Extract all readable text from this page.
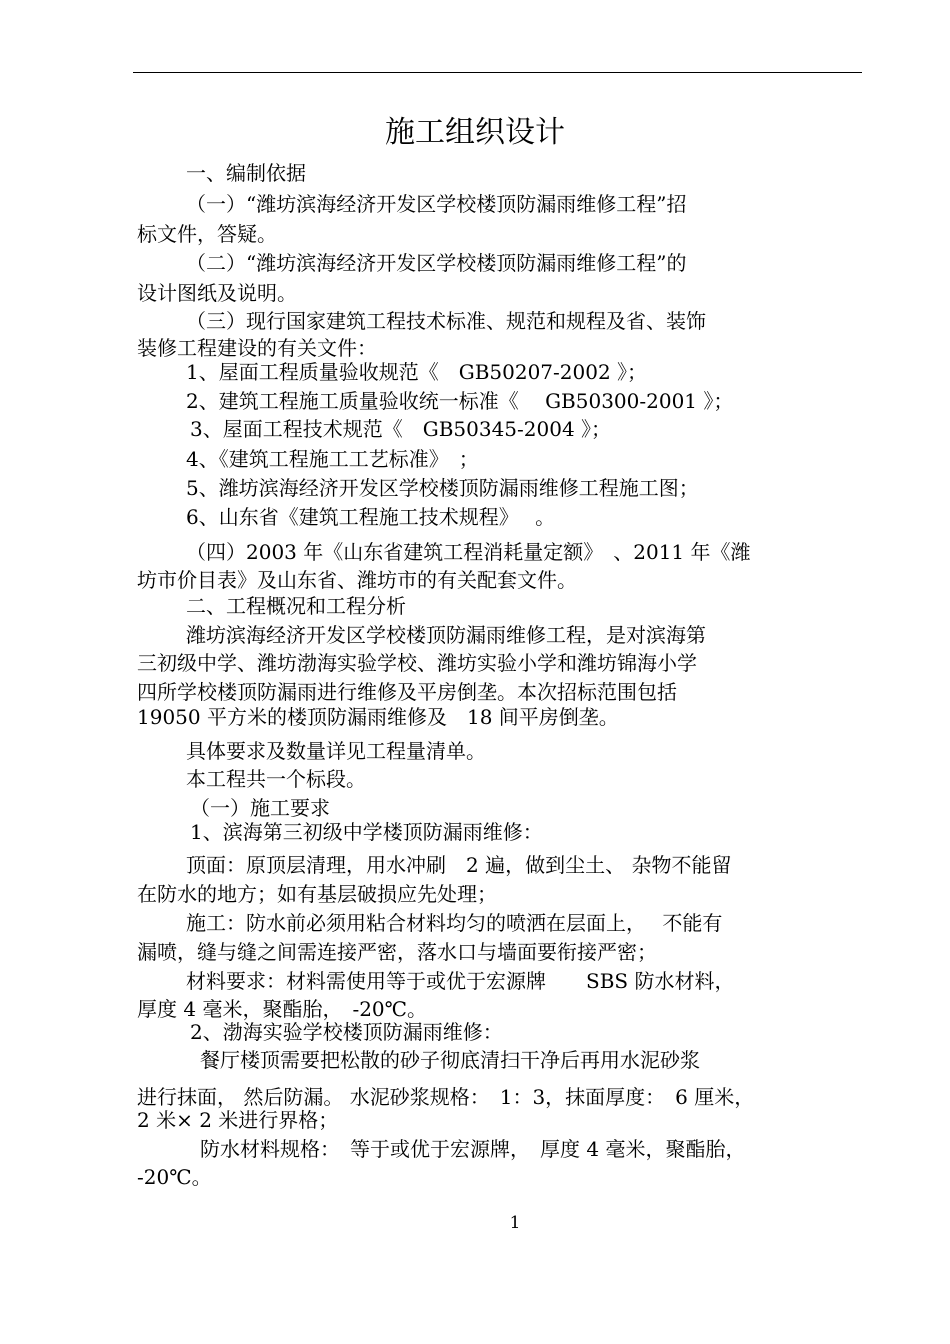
施工组织设计
一、编制依据
（一）“潍坊滨海经济开发区学校楼顶防漏雨维修工程”招
标文件，答疑。
（二）“潍坊滨海经济开发区学校楼顶防漏雨维修工程”的
设计图纸及说明。
（三）现行国家建筑工程技术标准、规范和规程及省、装饰
装修工程建设的有关文件：
1、屋面工程质量验收规范《　GB50207-2002 》；
2、建筑工程施工质量验收统一标准《　 GB50300-2001 》；
3、屋面工程技术规范《　GB50345-2004 》；
4、《建筑工程施工工艺标准》　；
5、潍坊滨海经济开发区学校楼顶防漏雨维修工程施工图；
6、山东省《建筑工程施工技术规程》　 。
（四）2003 年《山东省建筑工程消耗量定额》　、2011 年《潍
坊市价目表》及山东省、潍坊市的有关配套文件。
二、工程概况和工程分析
潍坊滨海经济开发区学校楼顶防漏雨维修工程，是对滨海第
三初级中学、潍坊渤海实验学校、潍坊实验小学和潍坊锦海小学
四所学校楼顶防漏雨进行维修及平房倒垄。本次招标范围包括
19050 平方米的楼顶防漏雨维修及　18 间平房倒垄。
具体要求及数量详见工程量清单。
本工程共一个标段。
（一）施工要求
1、滨海第三初级中学楼顶防漏雨维修：
顶面：原顶层清理，用水冲刷　2 遍，做到尘土、 杂物不能留
在防水的地方；如有基层破损应先处理；
施工：防水前必须用粘合材料均匀的喷洒在层面上，　 不能有
漏喷，缝与缝之间需连接严密，落水口与墙面要衔接严密；
材料要求：材料需使用等于或优于宏源牌　　SBS 防水材料，
厚度 4 毫米，聚酯胎，　-20℃。
2、渤海实验学校楼顶防漏雨维修：
餐厅楼顶需要把松散的砂子彻底清扫干净后再用水泥砂浆
进行抹面， 然后防漏。 水泥砂浆规格：　1：3，抹面厚度：　6 厘米，
2 米× 2 米进行界格；
防水材料规格：　等于或优于宏源牌，　厚度 4 毫米，聚酯胎，
-20℃。
1
